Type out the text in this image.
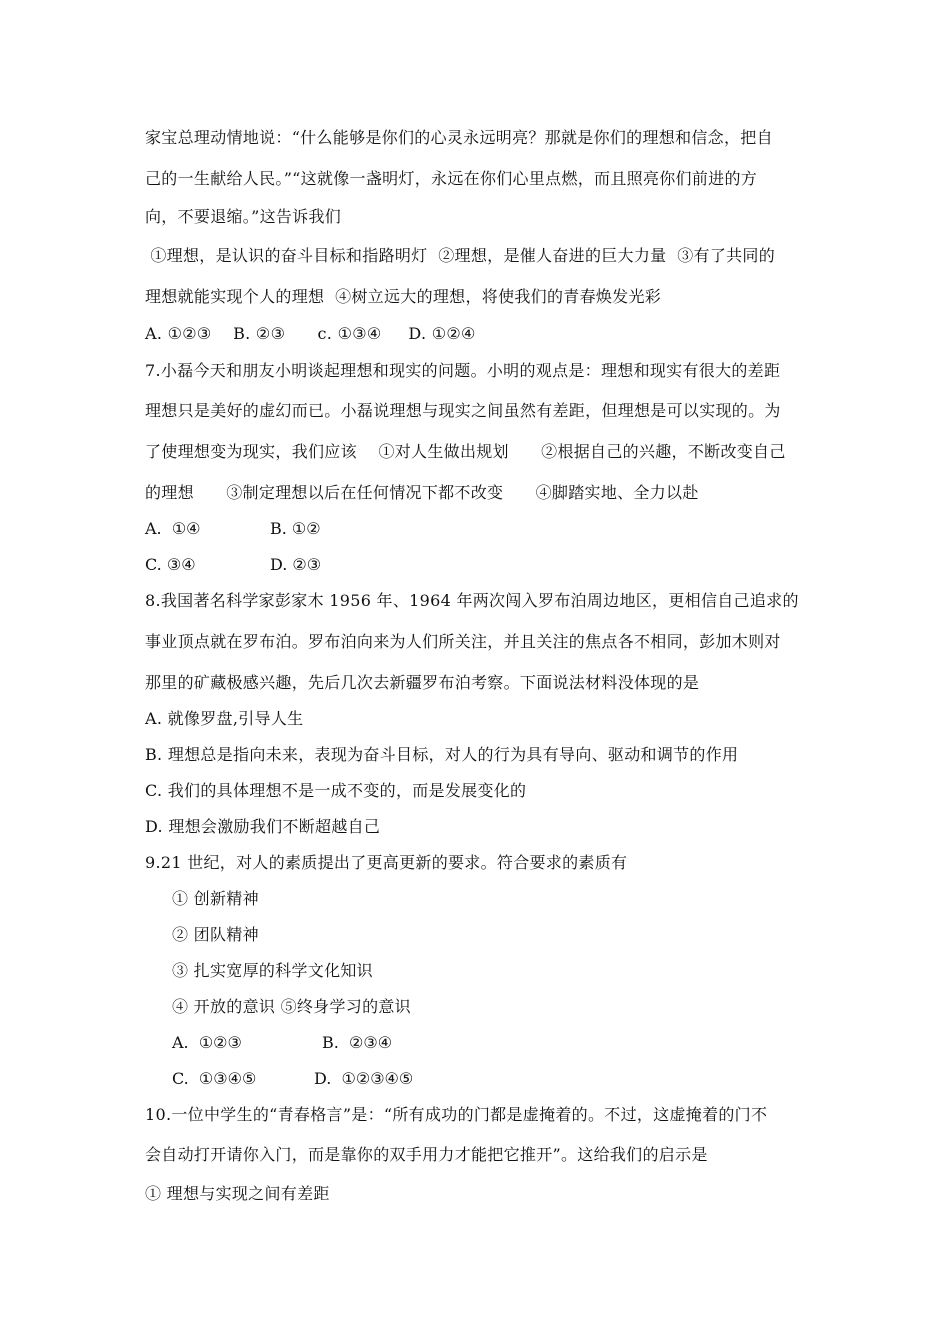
家宝总理动情地说：“什么能够是你们的心灵永远明亮？那就是你们的理想和信念，把自
己的一生献给人民。”“这就像一盏明灯，永远在你们心里点燃，而且照亮你们前进的方
向，不要退缩。”这告诉我们
①理想，是认识的奋斗目标和指路明灯  ②理想，是催人奋进的巨大力量  ③有了共同的
理想就能实现个人的理想  ④树立远大的理想，将使我们的青春焕发光彩
A. ①②③    B. ②③      c. ①③④     D. ①②④
7.小磊今天和朋友小明谈起理想和现实的问题。小明的观点是：理想和现实有很大的差距
理想只是美好的虚幻而已。小磊说理想与现实之间虽然有差距，但理想是可以实现的。为
了使理想变为现实，我们应该    ①对人生做出规划      ②根据自己的兴趣，不断改变自己
的理想      ③制定理想以后在任何情况下都不改变      ④脚踏实地、全力以赴
A.  ①④	B. ①②
C. ③④	D. ②③
8.我国著名科学家彭家木 1956 年、1964 年两次闯入罗布泊周边地区，更相信自己追求的
事业顶点就在罗布泊。罗布泊向来为人们所关注，并且关注的焦点各不相同，彭加木则对
那里的矿藏极感兴趣，先后几次去新疆罗布泊考察。下面说法材料没体现的是
A. 就像罗盘,引导人生
B. 理想总是指向未来，表现为奋斗目标，对人的行为具有导向、驱动和调节的作用
C. 我们的具体理想不是一成不变的，而是发展变化的
D. 理想会激励我们不断超越自己
9.21 世纪，对人的素质提出了更高更新的要求。符合要求的素质有
① 创新精神
② 团队精神
③ 扎实宽厚的科学文化知识
④ 开放的意识 ⑤终身学习的意识
A.  ①②③	B.  ②③④
C.  ①③④⑤	D.  ①②③④⑤
10.一位中学生的“青春格言”是：“所有成功的门都是虚掩着的。不过，这虚掩着的门不
会自动打开请你入门，而是靠你的双手用力才能把它推开”。这给我们的启示是
① 理想与实现之间有差距
